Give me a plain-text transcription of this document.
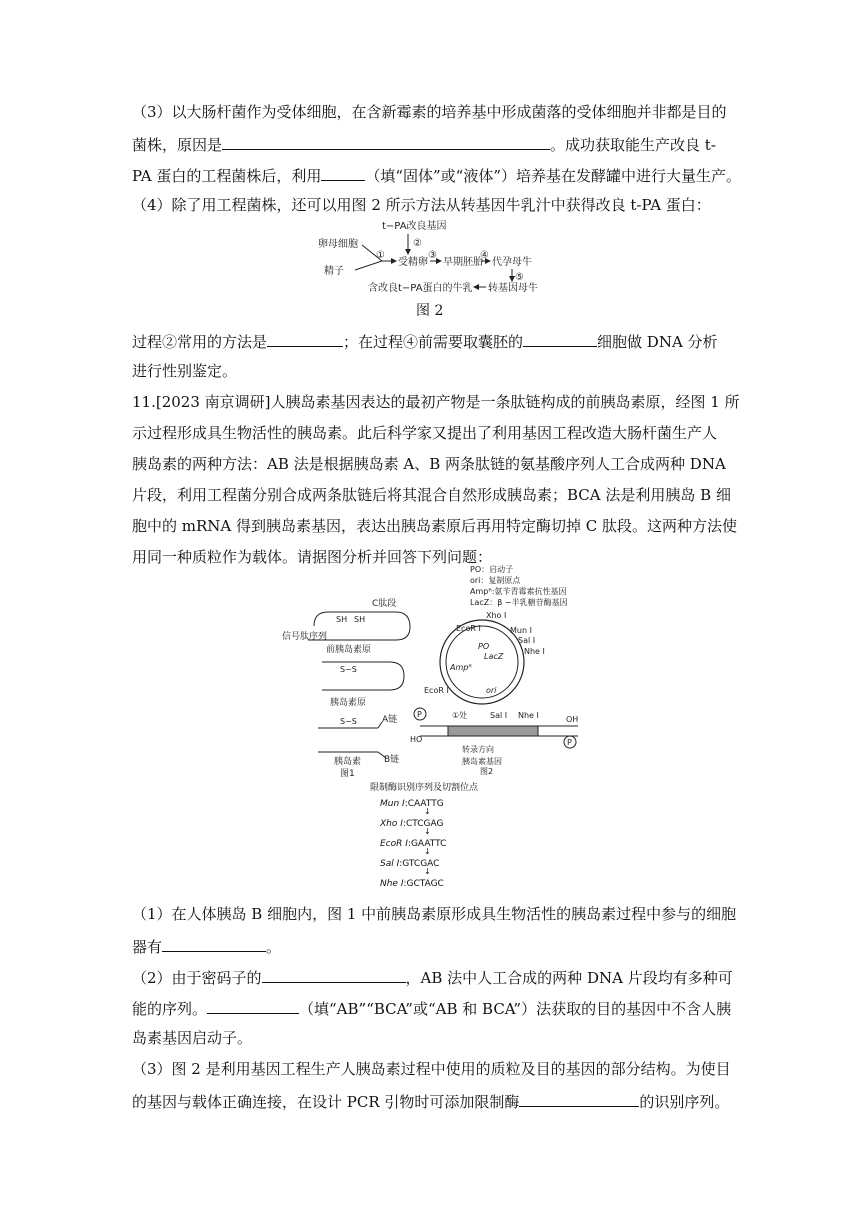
（3）以大肠杆菌作为受体细胞，在含新霉素的培养基中形成菌落的受体细胞并非都是目的
菌株，原因是	。成功获取能生产改良 t-
PA 蛋白的工程菌株后，利用	（填“固体”或“液体”）培养基在发酵罐中进行大量生产。
（4）除了用工程菌株，还可以用图 2 所示方法从转基因牛乳汁中获得改良 t-PA 蛋白：
t−PA改良基因
②
卵母细胞
精子
①
受精卵
③
早期胚胎
④
代孕母牛
⑤
转基因母牛
含改良t−PA蛋白的牛乳
图 2
过程②常用的方法是	；在过程④前需要取囊胚的	细胞做 DNA 分析
进行性别鉴定。
11.[2023 南京调研]人胰岛素基因表达的最初产物是一条肽链构成的前胰岛素原，经图 1 所
示过程形成具生物活性的胰岛素。此后科学家又提出了利用基因工程改造大肠杆菌生产人
胰岛素的两种方法：AB 法是根据胰岛素 A、B 两条肽链的氨基酸序列人工合成两种 DNA
片段，利用工程菌分别合成两条肽链后将其混合自然形成胰岛素；BCA 法是利用胰岛 B 细
胞中的 mRNA 得到胰岛素基因，表达出胰岛素原后再用特定酶切掉 C 肽段。这两种方法使
用同一种质粒作为载体。请据图分析并回答下列问题：
C肽段
SH SH
信号肽序列
前胰岛素原
S−S
胰岛素原
S−S	A链
B链
胰岛素
图1
PO：启动子
ori：复制原点
Ampᴿ:氨苄青霉素抗性基因
LacZ：β −半乳糖苷酶基因
Xho Ⅰ
EcoR Ⅰ	Mun Ⅰ
Sal Ⅰ
Nhe Ⅰ
PO
LacZ
Ampᴿ
ori
EcoR Ⅰ
P	①处	Sal Ⅰ Nhe Ⅰ	OH
HO	P
转录方向
胰岛素基因
图2
限制酶识别序列及切割位点
Mun Ⅰ:CAATTG
↓
Xho Ⅰ:CTCGAG
↓
EcoR Ⅰ:GAATTC
↓
Sal Ⅰ:GTCGAC
↓
Nhe Ⅰ:GCTAGC
（1）在人体胰岛 B 细胞内，图 1 中前胰岛素原形成具生物活性的胰岛素过程中参与的细胞
器有	。
（2）由于密码子的	，AB 法中人工合成的两种 DNA 片段均有多种可
能的序列。	（填“AB”“BCA”或“AB 和 BCA”）法获取的目的基因中不含人胰
岛素基因启动子。
（3）图 2 是利用基因工程生产人胰岛素过程中使用的质粒及目的基因的部分结构。为使目
的基因与载体正确连接，在设计 PCR 引物时可添加限制酶	的识别序列。
